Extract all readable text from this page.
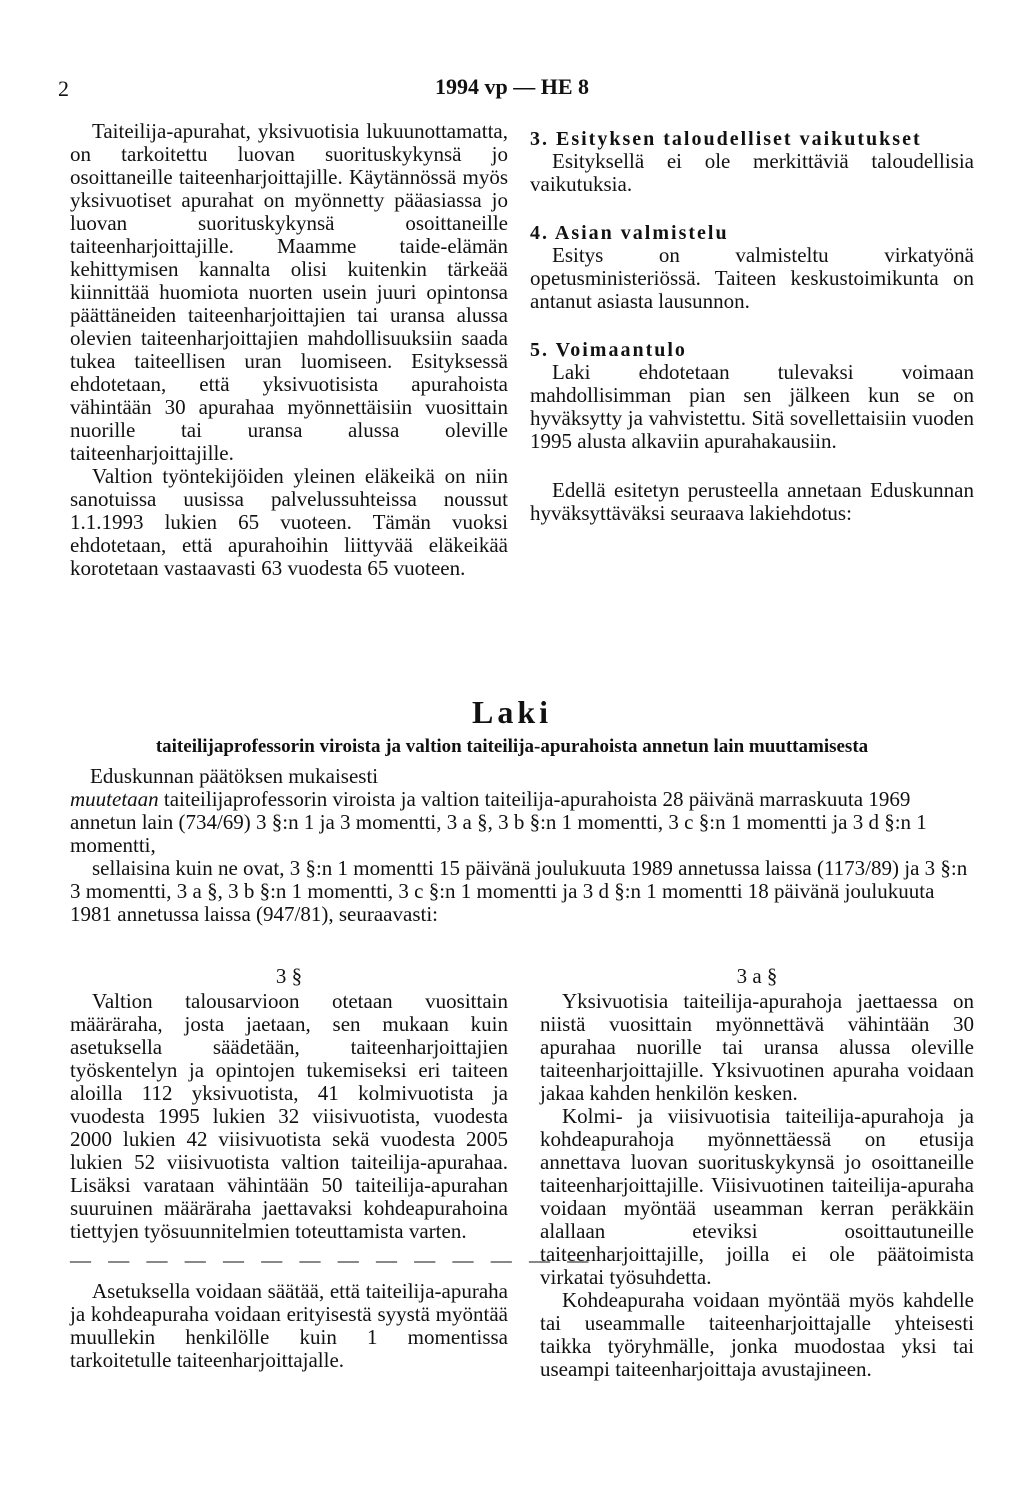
2	1994 vp — HE 8

Taiteilija-apurahat, yksivuotisia lukuunottamatta, on tarkoitettu luovan suorituskykynsä jo osoittaneille taiteenharjoittajille. Käytännössä myös yksivuotiset apurahat on myönnetty pääasiassa jo luovan suorituskykynsä osoittaneille taiteenharjoittajille. Maamme taide-elämän kehittymisen kannalta olisi kuitenkin tärkeää kiinnittää huomiota nuorten usein juuri opintonsa päättäneiden taiteenharjoittajien tai uransa alussa olevien taiteenharjoittajien mahdollisuuksiin saada tukea taiteellisen uran luomiseen. Esityksessä ehdotetaan, että yksivuotisista apurahoista vähintään 30 apurahaa myönnettäisiin vuosittain nuorille tai uransa alussa oleville taiteenharjoittajille.

Valtion työntekijöiden yleinen eläkeikä on niin sanotuissa uusissa palvelussuhteissa noussut 1.1.1993 lukien 65 vuoteen. Tämän vuoksi ehdotetaan, että apurahoihin liittyvää eläkeikää korotetaan vastaavasti 63 vuodesta 65 vuoteen.

3. Esityksen taloudelliset vaikutukset

Esityksellä ei ole merkittäviä taloudellisia vaikutuksia.

4. Asian valmistelu

Esitys on valmisteltu virkatyönä opetusministeriössä. Taiteen keskustoimikunta on antanut asiasta lausunnon.

5. Voimaantulo

Laki ehdotetaan tulevaksi voimaan mahdollisimman pian sen jälkeen kun se on hyväksytty ja vahvistettu. Sitä sovellettaisiin vuoden 1995 alusta alkaviin apurahakausiin.

Edellä esitetyn perusteella annetaan Eduskunnan hyväksyttäväksi seuraava lakiehdotus:

Laki
taiteilijaprofessorin viroista ja valtion taiteilija-apurahoista annetun lain muuttamisesta

Eduskunnan päätöksen mukaisesti

muutetaan taiteilijaprofessorin viroista ja valtion taiteilija-apurahoista 28 päivänä marraskuuta 1969 annetun lain (734/69) 3 §:n 1 ja 3 momentti, 3 a §, 3 b §:n 1 momentti, 3 c §:n 1 momentti ja 3 d §:n 1 momentti,

sellaisina kuin ne ovat, 3 §:n 1 momentti 15 päivänä joulukuuta 1989 annetussa laissa (1173/89) ja 3 §:n 3 momentti, 3 a §, 3 b §:n 1 momentti, 3 c §:n 1 momentti ja 3 d §:n 1 momentti 18 päivänä joulukuuta 1981 annetussa laissa (947/81), seuraavasti:

3 §

Valtion talousarvioon otetaan vuosittain määräraha, josta jaetaan, sen mukaan kuin asetuksella säädetään, taiteenharjoittajien työskentelyn ja opintojen tukemiseksi eri taiteen aloilla 112 yksivuotista, 41 kolmivuotista ja vuodesta 1995 lukien 32 viisivuotista, vuodesta 2000 lukien 42 viisivuotista sekä vuodesta 2005 lukien 52 viisivuotista valtion taiteilija-apurahaa. Lisäksi varataan vähintään 50 taiteilija-apurahan suuruinen määräraha jaettavaksi kohdeapurahoina tiettyjen työsuunnitelmien toteuttamista varten.

— — — — — — — — — — — — — —

Asetuksella voidaan säätää, että taiteilija-apuraha ja kohdeapuraha voidaan erityisestä syystä myöntää muullekin henkilölle kuin 1 momentissa tarkoitetulle taiteenharjoittajalle.

3 a §

Yksivuotisia taiteilija-apurahoja jaettaessa on niistä vuosittain myönnettävä vähintään 30 apurahaa nuorille tai uransa alussa oleville taiteenharjoittajille. Yksivuotinen apuraha voidaan jakaa kahden henkilön kesken.

Kolmi- ja viisivuotisia taiteilija-apurahoja ja kohdeapurahoja myönnettäessä on etusija annettava luovan suorituskykynsä jo osoittaneille taiteenharjoittajille. Viisivuotinen taiteilija-apuraha voidaan myöntää useamman kerran peräkkäin alallaan eteviksi osoittautuneille taiteenharjoittajille, joilla ei ole päätoimista virkatai työsuhdetta.

Kohdeapuraha voidaan myöntää myös kahdelle tai useammalle taiteenharjoittajalle yhteisesti taikka työryhmälle, jonka muodostaa yksi tai useampi taiteenharjoittaja avustajineen.
